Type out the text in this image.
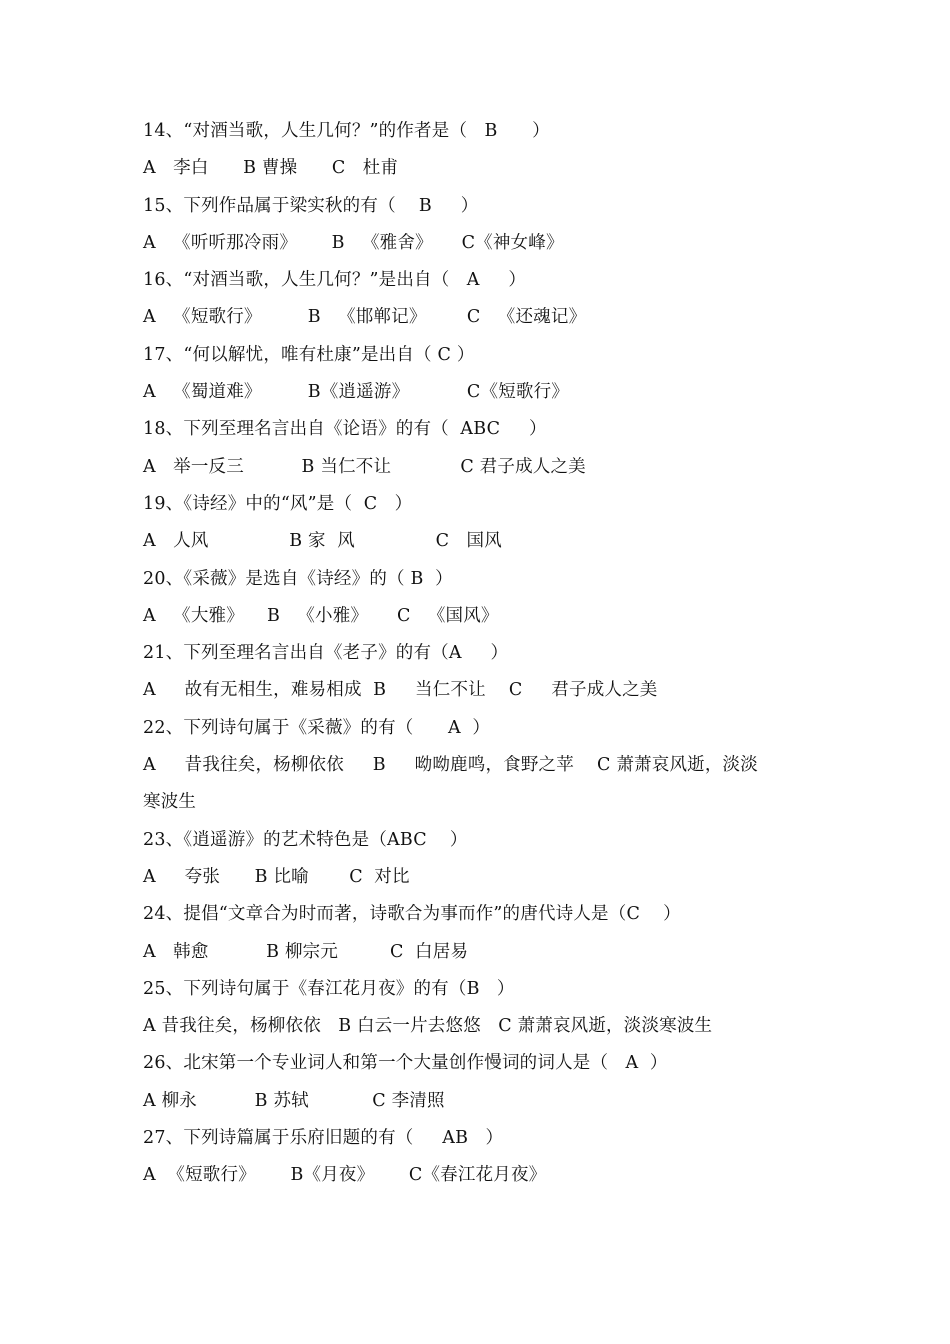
14、“对酒当歌，人生几何？”的作者是（   B      ）
A   李白      B 曹操      C   杜甫
15、下列作品属于梁实秋的有（    B     ）
A   《听听那冷雨》      B   《雅舍》     C《神女峰》
16、“对酒当歌，人生几何？”是出自（   A     ）
A   《短歌行》        B   《邯郸记》       C   《还魂记》
17、“何以解忧，唯有杜康”是出自（ C ）
A   《蜀道难》        B《逍遥游》          C《短歌行》
18、下列至理名言出自《论语》的有（  ABC     ）
A   举一反三          B 当仁不让            C 君子成人之美
19、《诗经》中的“风”是（  C   ）
A   人风              B 家  风              C   国风
20、《采薇》是选自《诗经》的（ B  ）
A   《大雅》    B   《小雅》     C   《国风》
21、下列至理名言出自《老子》的有（A     ）
A     故有无相生，难易相成  B     当仁不让    C     君子成人之美
22、下列诗句属于《采薇》的有（      A  ）
A     昔我往矣，杨柳依依     B     呦呦鹿鸣，食野之苹    C 萧萧哀风逝，淡淡
寒波生
23、《逍遥游》的艺术特色是（ABC    ）
A     夸张      B 比喻       C  对比
24、提倡“文章合为时而著，诗歌合为事而作”的唐代诗人是（C    ）
A   韩愈          B 柳宗元         C  白居易
25、下列诗句属于《春江花月夜》的有（B   ）
A 昔我往矣，杨柳依依   B 白云一片去悠悠   C 萧萧哀风逝，淡淡寒波生
26、北宋第一个专业词人和第一个大量创作慢词的词人是（   A  ）
A 柳永          B 苏轼           C 李清照
27、下列诗篇属于乐府旧题的有（     AB   ）
A  《短歌行》      B《月夜》      C《春江花月夜》
